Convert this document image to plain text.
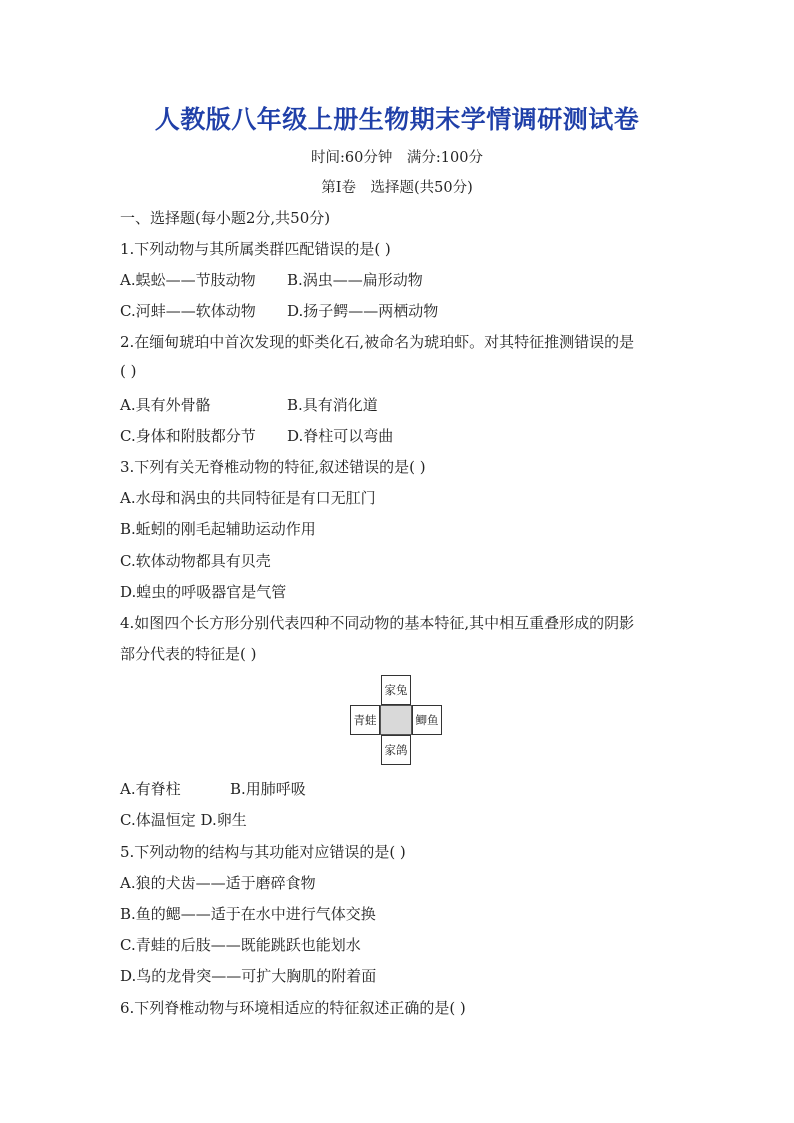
人教版八年级上册生物期末学情调研测试卷
时间:60分钟　满分:100分
第Ⅰ卷　选择题(共50分)
一、选择题(每小题2分,共50分)
1.下列动物与其所属类群匹配错误的是( )
A.蜈蚣——节肢动物 B.涡虫——扁形动物
C.河蚌——软体动物 D.扬子鳄——两栖动物
2.在缅甸琥珀中首次发现的虾类化石,被命名为琥珀虾。对其特征推测错误的是
( )
A.具有外骨骼	B.具有消化道
C.身体和附肢都分节 D.脊柱可以弯曲
3.下列有关无脊椎动物的特征,叙述错误的是( )
A.水母和涡虫的共同特征是有口无肛门
B.蚯蚓的刚毛起辅助运动作用
C.软体动物都具有贝壳
D.蝗虫的呼吸器官是气管
4.如图四个长方形分别代表四种不同动物的基本特征,其中相互重叠形成的阴影
部分代表的特征是( )
家兔
青蛙	鲫鱼
家鸽
A.有脊柱	B.用肺呼吸
C.体温恒定 D.卵生
5.下列动物的结构与其功能对应错误的是( )
A.狼的犬齿——适于磨碎食物
B.鱼的鳃——适于在水中进行气体交换
C.青蛙的后肢——既能跳跃也能划水
D.鸟的龙骨突——可扩大胸肌的附着面
6.下列脊椎动物与环境相适应的特征叙述正确的是( )
